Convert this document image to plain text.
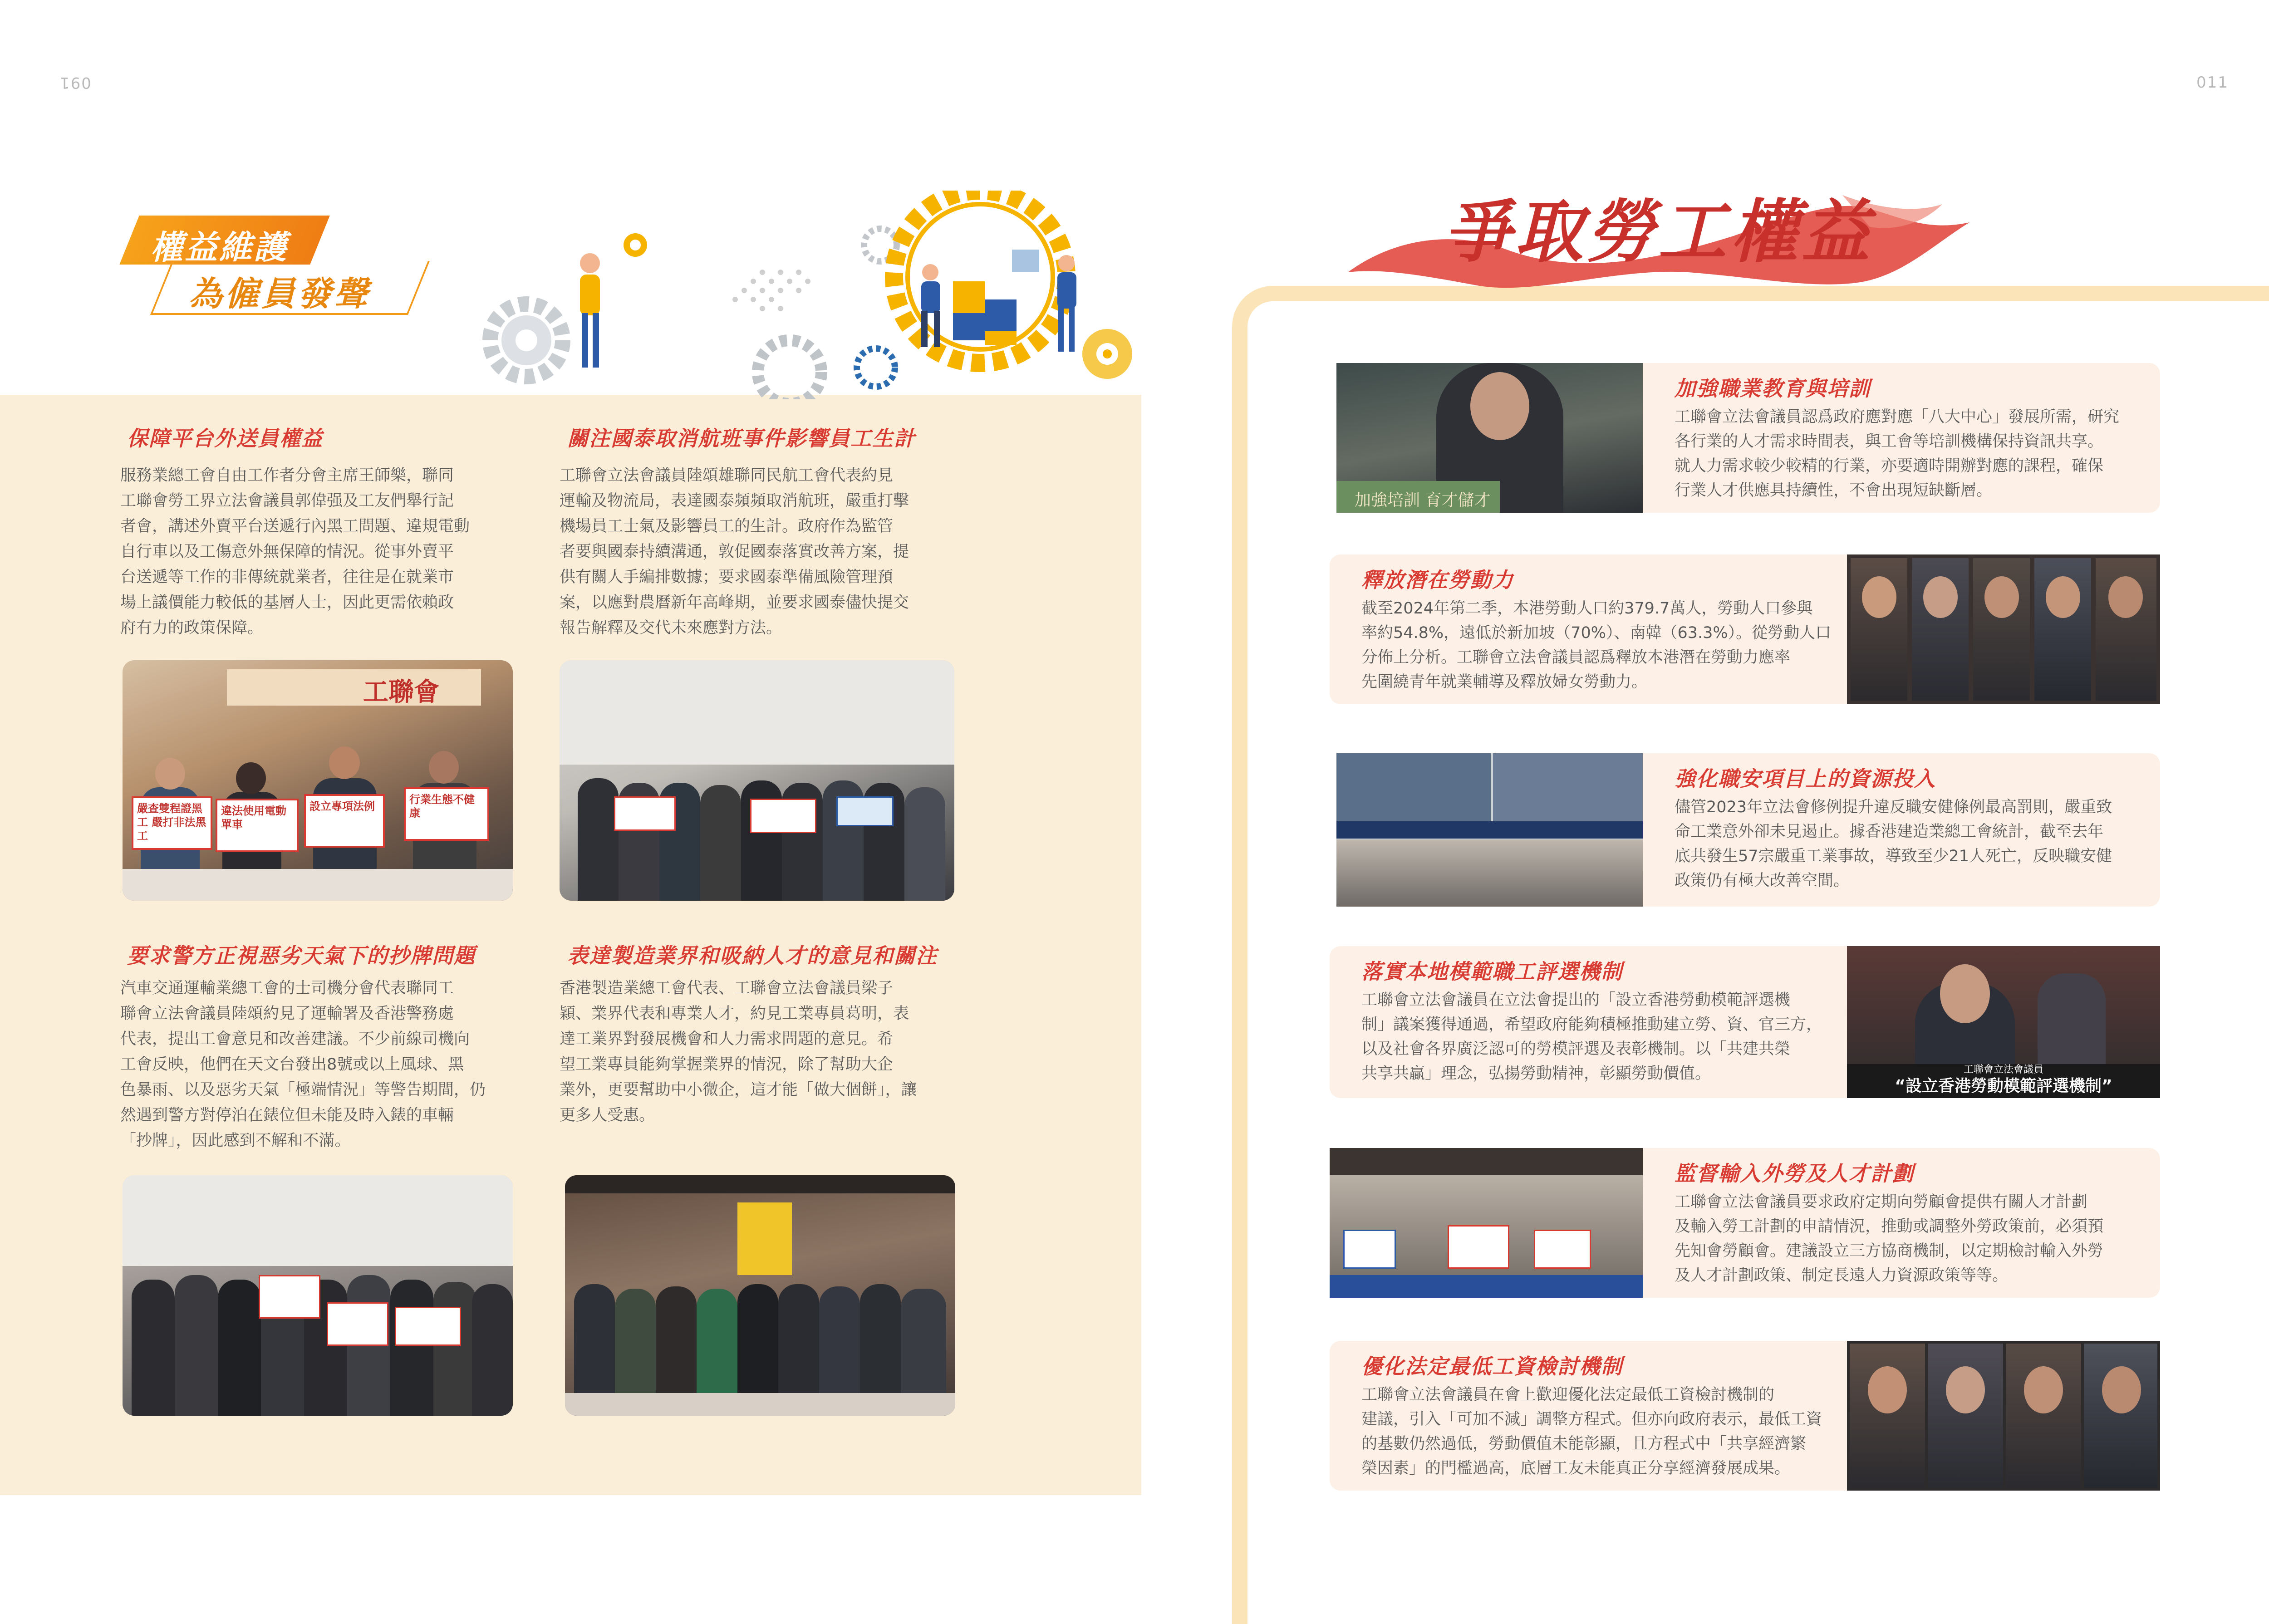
091
權益維護
為僱員發聲
保障平台外送員權益
服務業總工會自由工作者分會主席王師樂，聯同
工聯會勞工界立法會議員郭偉强及工友們舉行記
者會，講述外賣平台送遞行內黑工問題、違規電動
自行車以及工傷意外無保障的情況。從事外賣平
台送遞等工作的非傳統就業者，往往是在就業市
場上議價能力較低的基層人士，因此更需依賴政
府有力的政策保障。
關注國泰取消航班事件影響員工生計
工聯會立法會議員陸頌雄聯同民航工會代表約見
運輸及物流局，表達國泰頻頻取消航班，嚴重打擊
機場員工士氣及影響員工的生計。政府作為監管
者要與國泰持續溝通，敦促國泰落實改善方案，提
供有關人手編排數據；要求國泰準備風險管理預
案，以應對農曆新年高峰期，並要求國泰儘快提交
報告解釋及交代未來應對方法。
工聯會
嚴查雙程證黑工 嚴打非法黑工
違法使用電動單車
設立專項法例
行業生態不健康
要求警方正視惡劣天氣下的抄牌問題
汽車交通運輸業總工會的士司機分會代表聯同工
聯會立法會議員陸頌約見了運輸署及香港警務處
代表，提出工會意見和改善建議。不少前線司機向
工會反映，他們在天文台發出8號或以上風球、黑
色暴雨、以及惡劣天氣「極端情況」等警告期間，仍
然遇到警方對停泊在錶位但未能及時入錶的車輛
「抄牌」，因此感到不解和不滿。
表達製造業界和吸納人才的意見和關注
香港製造業總工會代表、工聯會立法會議員梁子
穎、業界代表和專業人才，約見工業專員葛明，表
達工業界對發展機會和人力需求問題的意見。希
望工業專員能夠掌握業界的情況，除了幫助大企
業外，更要幫助中小微企，這才能「做大個餅」，讓
更多人受惠。
011
爭取勞工權益
加強培訓 育才儲才
加強職業教育與培訓
工聯會立法會議員認爲政府應對應「八大中心」發展所需，研究
各行業的人才需求時間表，與工會等培訓機構保持資訊共享。
就人力需求較少較精的行業，亦要適時開辦對應的課程，確保
行業人才供應具持續性，不會出現短缺斷層。
釋放潛在勞動力
截至2024年第二季，本港勞動人口約379.7萬人，勞動人口參與
率約54.8%，遠低於新加坡（70%）、南韓（63.3%）。從勞動人口
分佈上分析。工聯會立法會議員認爲釋放本港潛在勞動力應率
先圍繞青年就業輔導及釋放婦女勞動力。
強化職安項目上的資源投入
儘管2023年立法會修例提升違反職安健條例最高罰則，嚴重致
命工業意外卻未見遏止。據香港建造業總工會統計，截至去年
底共發生57宗嚴重工業事故，導致至少21人死亡，反映職安健
政策仍有極大改善空間。
落實本地模範職工評選機制
工聯會立法會議員在立法會提出的「設立香港勞動模範評選機
制」議案獲得通過，希望政府能夠積極推動建立勞、資、官三方，
以及社會各界廣泛認可的勞模評選及表彰機制。以「共建共榮
共享共贏」理念，弘揚勞動精神，彰顯勞動價值。	工聯會立法會議員
“設立香港勞動模範評選機制”
監督輸入外勞及人才計劃
工聯會立法會議員要求政府定期向勞顧會提供有關人才計劃
及輸入勞工計劃的申請情況，推動或調整外勞政策前，必須預
先知會勞顧會。建議設立三方協商機制，以定期檢討輸入外勞
及人才計劃政策、制定長遠人力資源政策等等。
優化法定最低工資檢討機制
工聯會立法會議員在會上歡迎優化法定最低工資檢討機制的
建議，引入「可加不減」調整方程式。但亦向政府表示，最低工資
的基數仍然過低，勞動價值未能彰顯，且方程式中「共享經濟繁
榮因素」的門檻過高，底層工友未能真正分享經濟發展成果。
